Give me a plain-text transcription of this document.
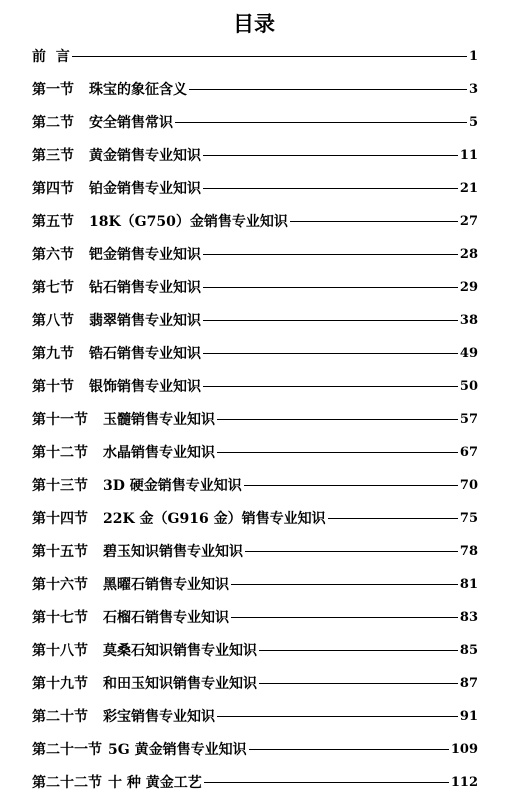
目录
前  言	1
第一节 珠宝的象征含义	3
第二节 安全销售常识	5
第三节 黄金销售专业知识	11
第四节 铂金销售专业知识	21
第五节 18K（G750）金销售专业知识	27
第六节 钯金销售专业知识	28
第七节 钻石销售专业知识	29
第八节 翡翠销售专业知识	38
第九节 锆石销售专业知识	49
第十节 银饰销售专业知识	50
第十一节 玉髓销售专业知识	57
第十二节 水晶销售专业知识	67
第十三节 3D 硬金销售专业知识	70
第十四节 22K 金（G916 金）销售专业知识	75
第十五节 碧玉知识销售专业知识	78
第十六节 黑曜石销售专业知识	81
第十七节 石榴石销售专业知识	83
第十八节 莫桑石知识销售专业知识	85
第十九节 和田玉知识销售专业知识	87
第二十节 彩宝销售专业知识	91
第二十一节 5G 黄金销售专业知识	109
第二十二节 十 种 黄金工艺	112
